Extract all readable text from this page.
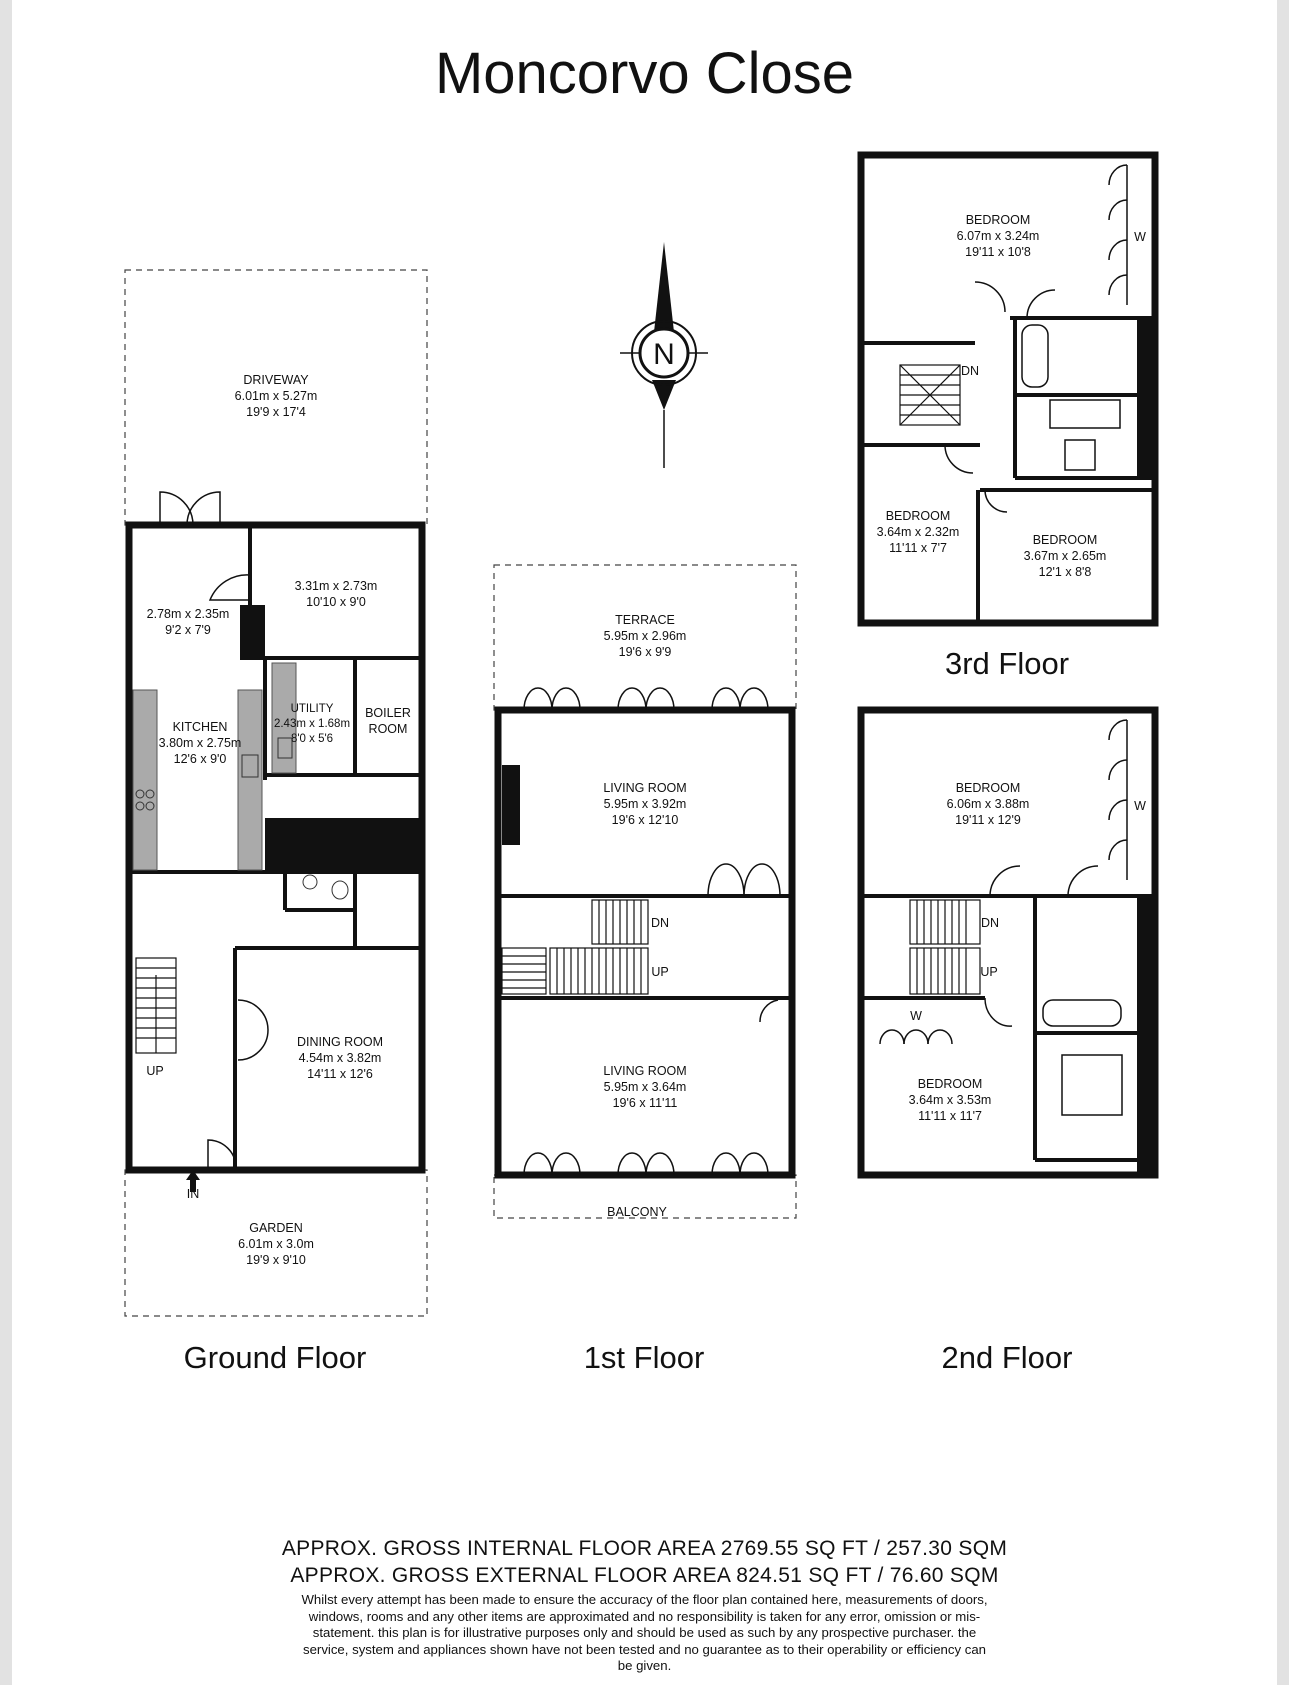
Moncorvo Close
N
DRIVEWAY
6.01m x 5.27m
19'9 x 17'4
3.31m x 2.73m
10'10 x 9'0
2.78m x 2.35m
9'2 x 7'9
KITCHEN
3.80m x 2.75m
12'6 x 9'0
UTILITY
2.43m x 1.68m
8'0 x 5'6
BOILER
ROOM
DINING ROOM
4.54m x 3.82m
14'11 x 12'6
UP
IN
GARDEN
6.01m x 3.0m
19'9 x 9'10
TERRACE
5.95m x 2.96m
19'6 x 9'9
LIVING ROOM
5.95m x 3.92m
19'6 x 12'10
LIVING ROOM
5.95m x 3.64m
19'6 x 11'11
DN
UP
BALCONY
BEDROOM
6.06m x 3.88m
19'11 x 12'9
W
DN
UP
W
BEDROOM
3.64m x 3.53m
11'11 x 11'7
BEDROOM
6.07m x 3.24m
19'11 x 10'8
W
DN
BEDROOM
3.64m x 2.32m
11'11 x 7'7
BEDROOM
3.67m x 2.65m
12'1 x 8'8
Ground Floor	1st Floor	2nd Floor
3rd Floor
APPROX. GROSS INTERNAL FLOOR AREA 2769.55 SQ FT / 257.30 SQM
APPROX. GROSS EXTERNAL FLOOR AREA 824.51 SQ FT / 76.60 SQM
Whilst every attempt has been made to ensure the accuracy of the floor plan contained here, measurements of doors, windows, rooms and any other items are approximated and no responsibility is taken for any error, omission or mis-statement. this plan is for illustrative purposes only and should be used as such by any prospective purchaser. the service, system and appliances shown have not been tested and no guarantee as to their operability or efficiency can be given.
